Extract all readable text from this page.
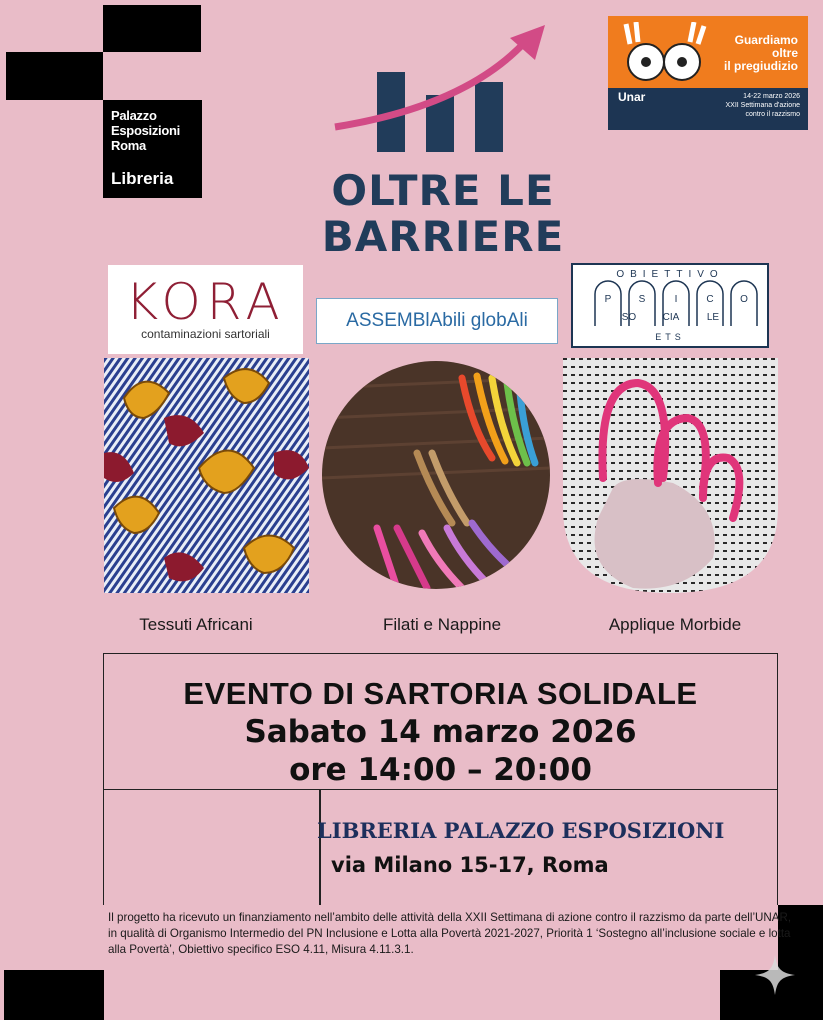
Palazzo Esposizioni Roma
Libreria	OLTRE LE
BARRIERE
Guardiamo
oltre
il pregiudizio
Unar	14-22 marzo 2026
XXII Settimana d'azione
contro il razzismo
KORA
contaminazioni sartoriali
ASSEMBlAbili globAli
OBIETTIVO
P	S	I	C	O
SO	CIA	LE
ETS
Tessuti Africani	Filati e Nappine	Applique Morbide
EVENTO DI SARTORIA SOLIDALE
Sabato 14 marzo 2026
ore 14:00 – 20:00
LIBRERIA PALAZZO ESPOSIZIONI
via Milano 15-17, Roma
Il progetto ha ricevuto un finanziamento nell’ambito delle attività della XXII Settimana di azione contro il razzismo da parte dell’UNAR, in qualità di Organismo Intermedio del PN Inclusione e Lotta alla Povertà 2021-2027, Priorità 1 ‘Sostegno all’inclusione sociale e lotta alla Povertà’, Obiettivo specifico ESO 4.11, Misura 4.11.3.1.
